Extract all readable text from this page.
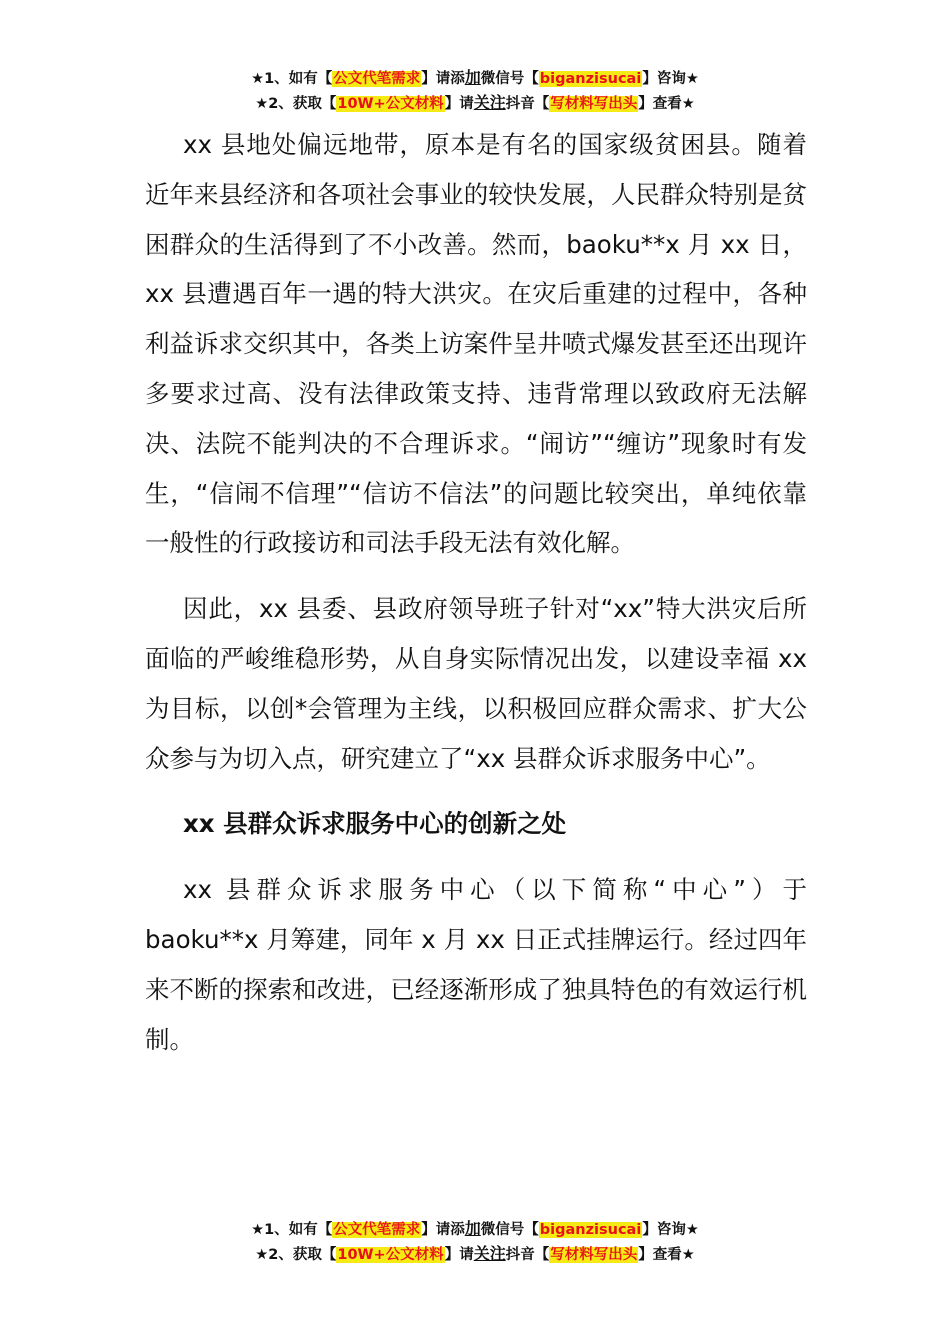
★1、如有【公文代笔需求】请添加微信号【biganzisucai】咨询★
★2、获取【10W+公文材料】请关注抖音【写材料写出头】查看★

xx 县地处偏远地带，原本是有名的国家级贫困县。随着近年来县经济和各项社会事业的较快发展，人民群众特别是贫困群众的生活得到了不小改善。然而，baoku**x 月 xx 日，xx 县遭遇百年一遇的特大洪灾。在灾后重建的过程中，各种利益诉求交织其中，各类上访案件呈井喷式爆发甚至还出现许多要求过高、没有法律政策支持、违背常理以致政府无法解决、法院不能判决的不合理诉求。“闹访”“缠访”现象时有发生，“信闹不信理”“信访不信法”的问题比较突出，单纯依靠一般性的行政接访和司法手段无法有效化解。

因此，xx 县委、县政府领导班子针对“xx”特大洪灾后所面临的严峻维稳形势，从自身实际情况出发，以建设幸福 xx 为目标，以创*会管理为主线，以积极回应群众需求、扩大公众参与为切入点，研究建立了“xx 县群众诉求服务中心”。

xx 县群众诉求服务中心的创新之处

xx 县群众诉求服务中心（以下简称“中心”）于 baoku**x 月筹建，同年 x 月 xx 日正式挂牌运行。经过四年来不断的探索和改进，已经逐渐形成了独具特色的有效运行机制。

★1、如有【公文代笔需求】请添加微信号【biganzisucai】咨询★
★2、获取【10W+公文材料】请关注抖音【写材料写出头】查看★
